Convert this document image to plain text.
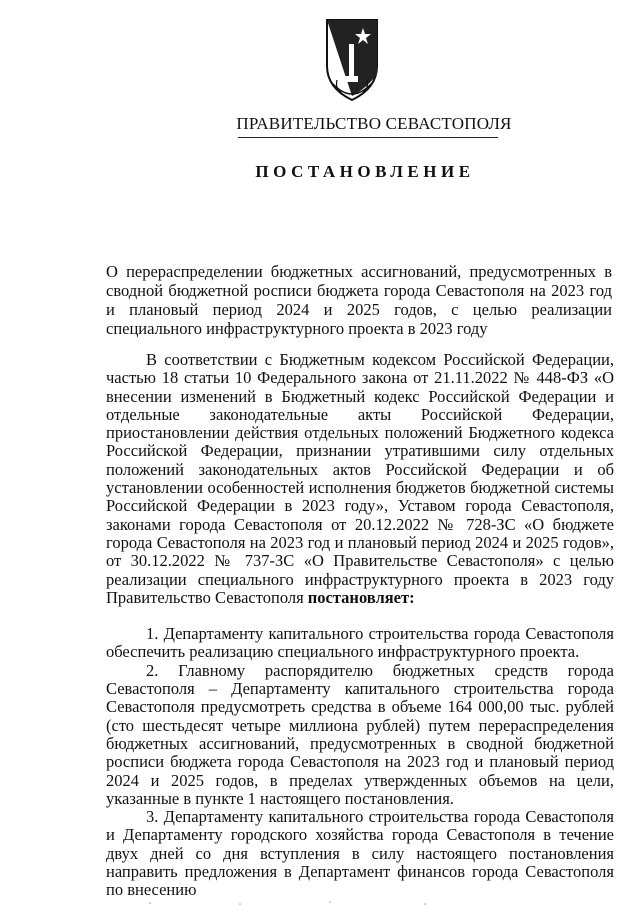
ПРАВИТЕЛЬСТВО СЕВАСТОПОЛЯ
ПОСТАНОВЛЕНИЕ
О перераспределении бюджетных ассигнований, предусмотренных в сводной бюджетной росписи бюджета города Севастополя на 2023 год и плановый период 2024 и 2025 годов, с целью реализации специального инфраструктурного проекта в 2023 году

В соответствии с Бюджетным кодексом Российской Федерации, частью 18 статьи 10 Федерального закона от 21.11.2022 № 448-ФЗ «О внесении изменений в Бюджетный кодекс Российской Федерации и отдельные законодательные акты Российской Федерации, приостановлении действия отдельных положений Бюджетного кодекса Российской Федерации, признании утратившими силу отдельных положений законодательных актов Российской Федерации и об установлении особенностей исполнения бюджетов бюджетной системы Российской Федерации в 2023 году», Уставом города Севастополя, законами города Севастополя от 20.12.2022 № 728-ЗС «О бюджете города Севастополя на 2023 год и плановый период 2024 и 2025 годов», от 30.12.2022 № 737-ЗС «О Правительстве Севастополя» с целью реализации специального инфраструктурного проекта в 2023 году Правительство Севастополя постановляет:

1. Департаменту капитального строительства города Севастополя обеспечить реализацию специального инфраструктурного проекта.

2. Главному распорядителю бюджетных средств города Севастополя – Департаменту капитального строительства города Севастополя предусмотреть средства в объеме 164 000,00 тыс. рублей (сто шестьдесят четыре миллиона рублей) путем перераспределения бюджетных ассигнований, предусмотренных в сводной бюджетной росписи бюджета города Севастополя на 2023 год и плановый период 2024 и 2025 годов, в пределах утвержденных объемов на цели, указанные в пункте 1 настоящего постановления.

3. Департаменту капитального строительства города Севастополя и Департаменту городского хозяйства города Севастополя в течение двух дней со дня вступления в силу настоящего постановления направить предложения в Департамент финансов города Севастополя по внесению
